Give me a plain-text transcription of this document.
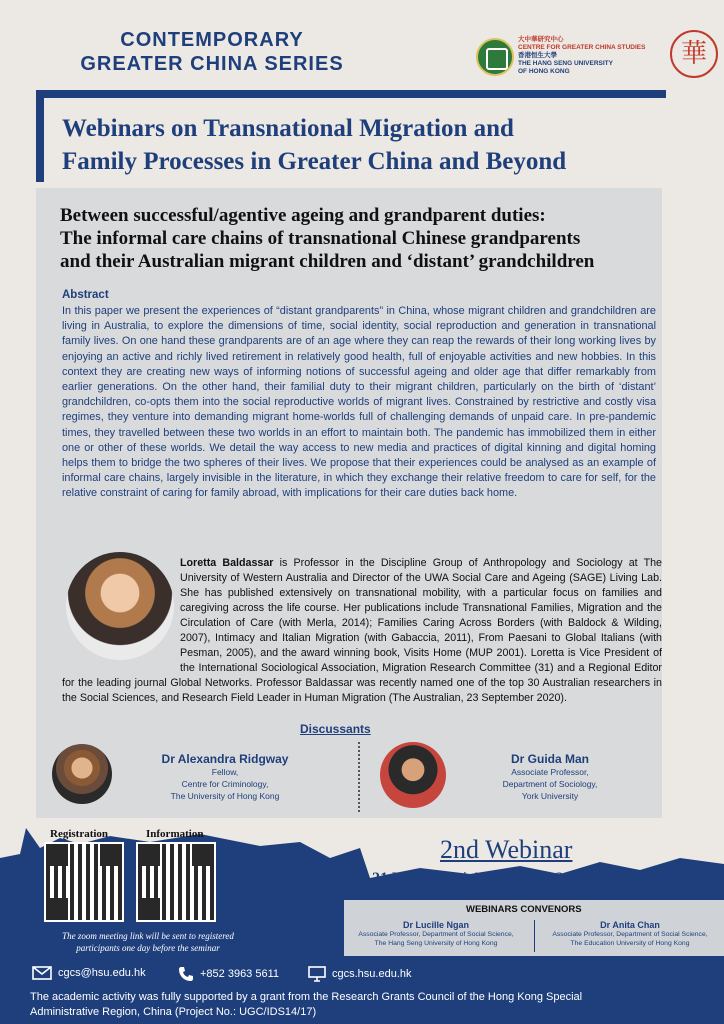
CONTEMPORARY
GREATER CHINA SERIES
大中華研究中心
CENTRE FOR GREATER CHINA STUDIES
香港恒生大學
THE HANG SENG UNIVERSITY
OF HONG KONG
華
Webinars on Transnational Migration and
Family Processes in Greater China and Beyond
Between successful/agentive ageing and grandparent duties:
The informal care chains of transnational Chinese grandparents
and their Australian migrant children and ‘distant’ grandchildren
Abstract
In this paper we present the experiences of “distant grandparents” in China, whose migrant children and grandchildren are living in Australia, to explore the dimensions of time, social identity, social reproduction and generation in transnational family lives. On one hand these grandparents are of an age where they can reap the rewards of their long working lives by enjoying an active and richly lived retirement in relatively good health, full of enjoyable activities and new hobbies. In this context they are creating new ways of informing notions of successful ageing and older age that differ remarkably from earlier generations. On the other hand, their familial duty to their migrant children, particularly on the birth of ‘distant’ grandchildren, co-opts them into the social reproductive worlds of migrant lives. Constrained by restrictive and costly visa regimes, they venture into demanding migrant home-worlds full of challenging demands of unpaid care. In pre-pandemic times, they travelled between these two worlds in an effort to maintain both. The pandemic has immobilized them in either one or other of these worlds. We detail the way access to new media and practices of digital kinning and digital homing helps them to bridge the two spheres of their lives. We propose that their experiences could be analysed as an example of informal care chains, largely invisible in the literature, in which they exchange their relative freedom to care for self, for the relative constraint of caring for family abroad, with implications for their care duties back home.
Loretta Baldassar is Professor in the Discipline Group of Anthropology and Sociology at The University of Western Australia and Director of the UWA Social Care and Ageing (SAGE) Living Lab. She has published extensively on transnational mobility, with a particular focus on families and caregiving across the life course. Her publications include Transnational Families, Migration and the Circulation of Care (with Merla, 2014); Families Caring Across Borders (with Baldock & Wilding, 2007), Intimacy and Italian Migration (with Gabaccia, 2011), From Paesani to Global Italians (with Pesman, 2005), and the award winning book, Visits Home (MUP 2001). Loretta is Vice President of the International Sociological Association, Migration Research Committee (31) and a Regional Editor for the leading journal Global Networks. Professor Baldassar was recently named one of the top 30 Australian researchers in the Social Sciences, and Research Field Leader in Human Migration (The Australian, 23 September 2020).
Discussants
Dr Alexandra Ridgway
Fellow,
Centre for Criminology,
The University of Hong Kong
Dr Guida Man
Associate Professor,
Department of Sociology,
York University
Registration	Information
The zoom meeting link will be sent to registered
participants one day before the seminar
2nd Webinar
21 May 2021 | 4:00 pm – 5:30 pm (HKT)
WEBINARS CONVENORS
Dr Lucille Ngan
Associate Professor, Department of Social Science,
The Hang Seng University of Hong Kong
Dr Anita Chan
Associate Professor, Department of Social Science,
The Education University of Hong Kong
cgcs@hsu.edu.hk	+852 3963 5611	cgcs.hsu.edu.hk
The academic activity was fully supported by a grant from the Research Grants Council of the Hong Kong Special
Administrative Region, China (Project No.: UGC/IDS14/17)
